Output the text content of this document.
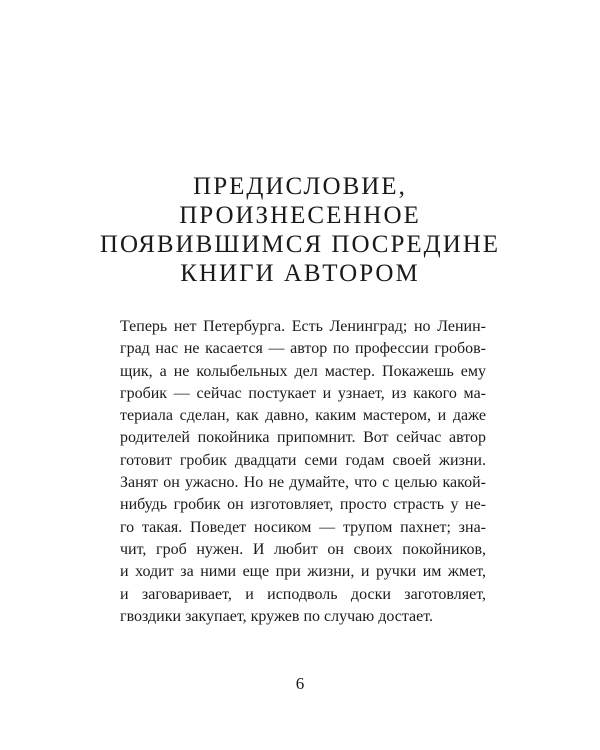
ПРЕДИСЛОВИЕ,
ПРОИЗНЕСЕННОЕ
ПОЯВИВШИМСЯ ПОСРЕДИНЕ
КНИГИ АВТОРОМ
Теперь нет Петербурга. Есть Ленинград; но Ленин-
град нас не касается — автор по профессии гробов-
щик, а не колыбельных дел мастер. Покажешь ему
гробик — сейчас постукает и узнает, из какого ма-
териала сделан, как давно, каким мастером, и даже
родителей покойника припомнит. Вот сейчас автор
готовит гробик двадцати семи годам своей жизни.
Занят он ужасно. Но не думайте, что с целью какой-
нибудь гробик он изготовляет, просто страсть у не-
го такая. Поведет носиком — трупом пахнет; зна-
чит, гроб нужен. И любит он своих покойников,
и ходит за ними еще при жизни, и ручки им жмет,
и заговаривает, и исподволь доски заготовляет,
гвоздики закупает, кружев по случаю достает.
6
